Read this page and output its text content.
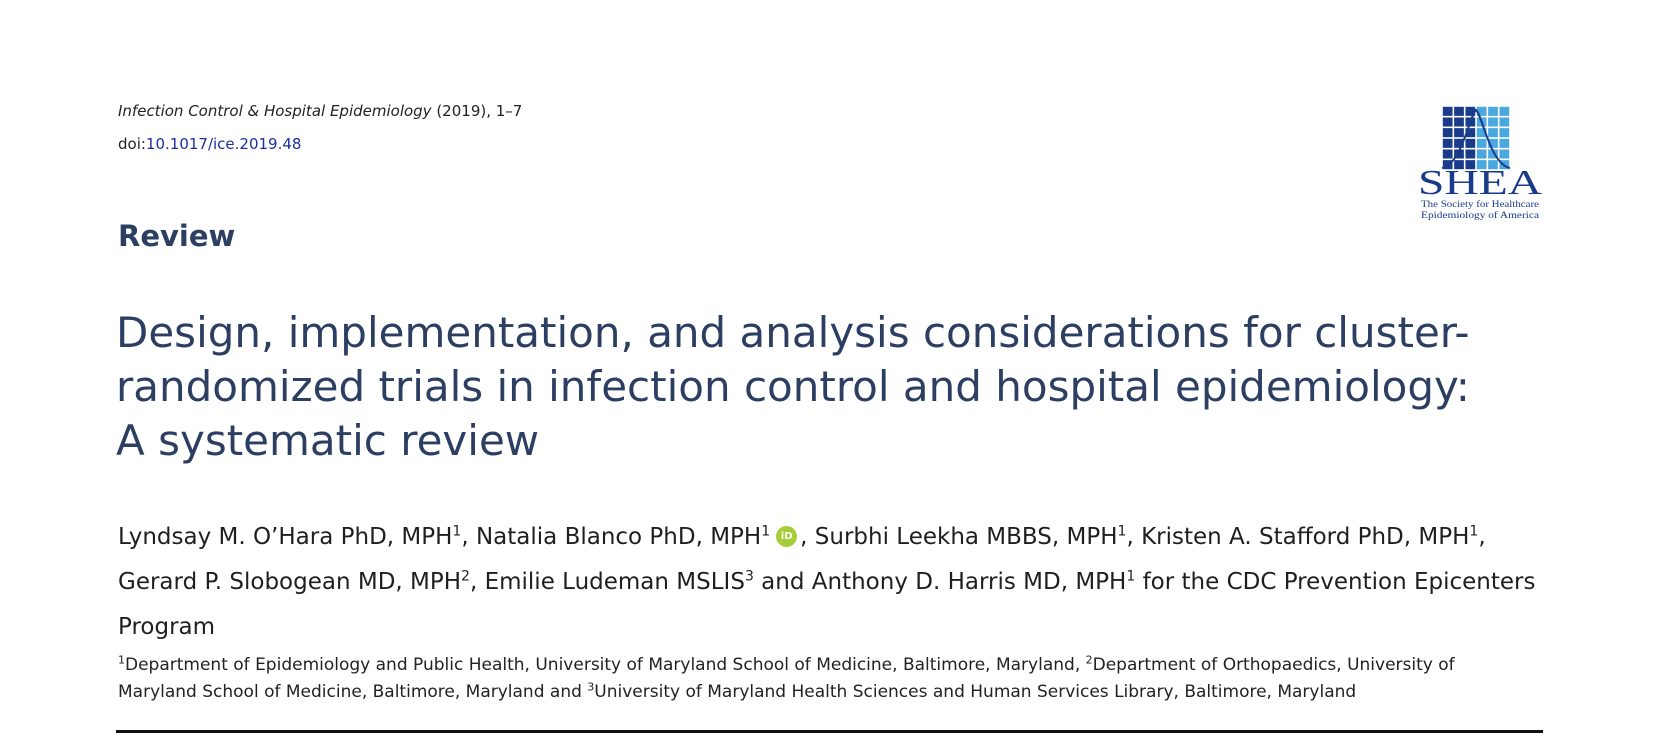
Infection Control & Hospital Epidemiology (2019), 1–7
doi:10.1017/ice.2019.48
SHEA
The Society for Healthcare
Epidemiology of America
Review
Design, implementation, and analysis considerations for cluster-randomized trials in infection control and hospital epidemiology: A systematic review
Lyndsay M. O’Hara PhD, MPH$^1$, Natalia Blanco PhD, MPH$^1$ iD , Surbhi Leekha MBBS, MPH$^1$, Kristen A. Stafford PhD, MPH$^1$, Gerard P. Slobogean MD, MPH$^2$, Emilie Ludeman MSLIS$^3$ and Anthony D. Harris MD, MPH$^1$ for the CDC Prevention Epicenters Program
$^1$Department of Epidemiology and Public Health, University of Maryland School of Medicine, Baltimore, Maryland, $^2$Department of Orthopaedics, University of Maryland School of Medicine, Baltimore, Maryland and $^3$University of Maryland Health Sciences and Human Services Library, Baltimore, Maryland
